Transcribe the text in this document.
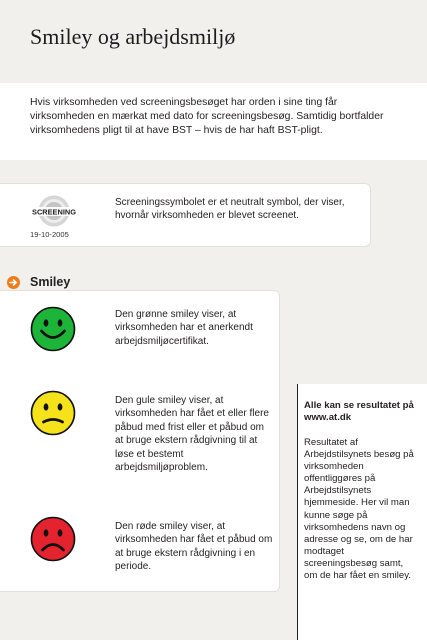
Smiley og arbejdsmiljø

Hvis virksomheden ved screeningsbesøget har orden i sine ting får virksomheden en mærkat med dato for screeningsbesøg. Samtidig bortfalder virksomhedens pligt til at have BST – hvis de har haft BST-pligt.

SCREENING

19-10-2005

Screeningssymbolet er et neutralt symbol, der viser, hvornår virksomheden er blevet screenet.

Smiley

Den grønne smiley viser, at virksomheden har et anerkendt arbejdsmiljøcertifikat.

Den gule smiley viser, at virksomheden har fået et eller flere påbud med frist eller et påbud om at bruge ekstern rådgivning til at løse et bestemt arbejdsmiljøproblem.

Den røde smiley viser, at virksomheden har fået et påbud om at bruge ekstern rådgivning i en periode.

Alle kan se resultatet på www.at.dk

Resultatet af Arbejdstilsynets besøg på virksomheden offentliggøres på Arbejdstilsynets hjemmeside. Her vil man kunne søge på virksomhedens navn og adresse og se, om de har modtaget screeningsbesøg samt, om de har fået en smiley.
